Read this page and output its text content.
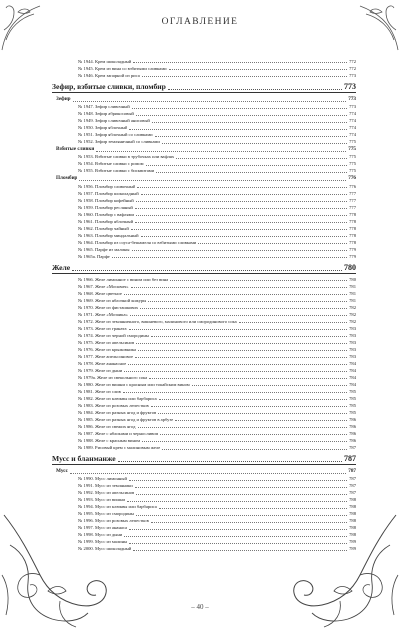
ОГЛАВЛЕНИЕ
№ 1944. Крем шоколадный	772
№ 1945. Крем из вина со взбитыми сливками	772
№ 1946. Крем запарной из риса	773
Зефир, взбитые сливки, пломбир	773
Зефир	773
№ 1947. Зефир сливочный	773
№ 1948. Зефир абрикосовый	774
№ 1949. Зефир сливочный анисовый	774
№ 1950. Зефир яблочный	774
№ 1951. Зефир яблочный со сливками	774
№ 1952. Зефир земляничный со сливками	775
Взбитые сливки	775
№ 1953. Взбитые сливки в трубочках или вафлях	775
№ 1954. Взбитые сливки с ромом	775
№ 1955. Взбитые сливки с бисквитами	775
Пломбир	776
№ 1956. Пломбир сливочный	776
№ 1957. Пломбир шоколадный	777
№ 1958. Пломбир кофейный	777
№ 1959. Пломбир ресляный	777
№ 1960. Пломбир с вафлями	778
№ 1961. Пломбир яблочный	778
№ 1962. Пломбир чайный	778
№ 1963. Пломбир миндальный	778
№ 1964. Пломбир из соуса-бешамеля со взбитыми сливками	778
№ 1965. Парфе из малины	779
№ 1965а. Парфе	779
Желе	780
№ 1966. Желе лимонное с вином или без вина	780
№ 1967. Желе «Москвич»	781
№ 1968. Желе цветное	781
№ 1969. Желе из яблочной кожуры	781
№ 1970. Желе из фисташкових	782
№ 1971. Желе «Мозаика»	782
№ 1972. Желе из земляничного, вишневого, малинового или смородинового сока	782
№ 1973. Желе из граната	783
№ 1974. Желе из черной смородины	783
№ 1975. Желе из апельсинов	783
№ 1976. Желе из крыжовника	783
№ 1977. Желе апельсиновое	783
№ 1978. Желе ананасное	784
№ 1979. Желе из дыни	784
№ 1979а. Желе из свекольного сока	784
№ 1980. Желе из вишни с красным или токайским вином	784
№ 1981. Желе из слив	785
№ 1982. Желе из клюквы или барбариса	785
№ 1983. Желе из розовых лепестков	785
№ 1984. Желе из разных ягод и фруктов	785
№ 1985. Желе из разных ягод и фруктов в арбузе	786
№ 1986. Желе из свежих ягод	786
№ 1987. Желе с яблоками и черносливом	786
№ 1988. Желе с красным вином	786
№ 1989. Рисовый крем с малиновым желе	787
Мусс и бланманже	787
Мусс	787
№ 1990. Мусс лимонный	787
№ 1991. Мусс из земляники	787
№ 1992. Мусс из апельсинов	787
№ 1993. Мусс из вишни	788
№ 1994. Мусс из клюквы или барбариса	788
№ 1995. Мусс из смородины	788
№ 1996. Мусс из розовых лепестков	788
№ 1997. Мусс из ананаса	788
№ 1998. Мусс из дыни	788
№ 1999. Мусс из малины	789
№ 2000. Мусс шоколадный	789
– 40 –
